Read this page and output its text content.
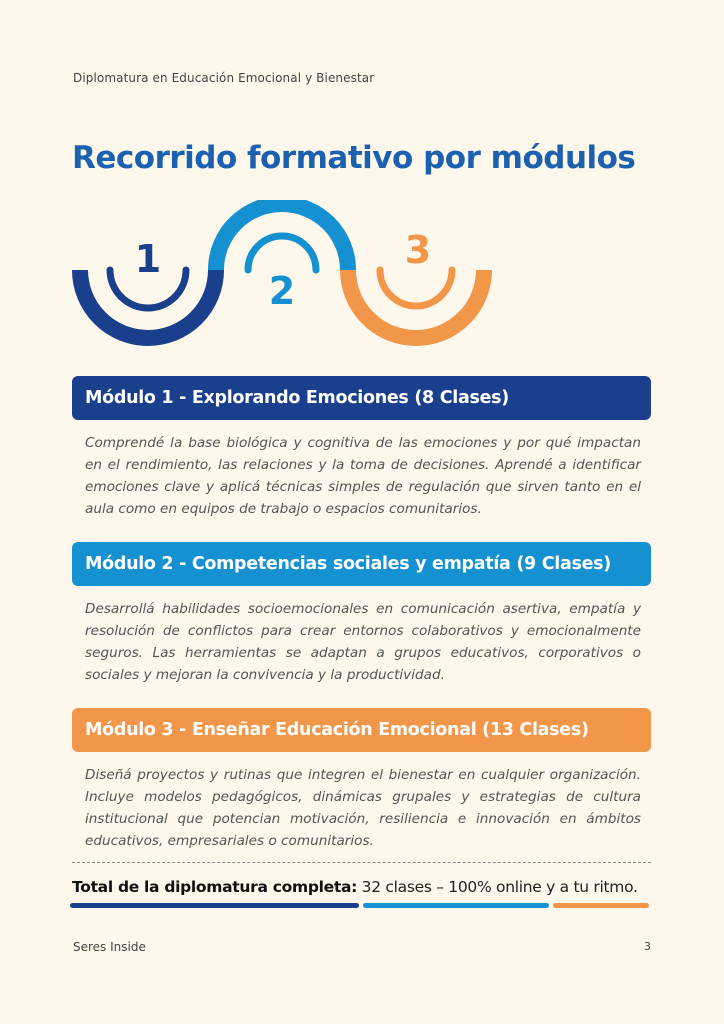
Diplomatura en Educación Emocional y Bienestar
Recorrido formativo por módulos
1
2
3
Módulo 1 - Explorando Emociones (8 Clases)

Comprendé la base biológica y cognitiva de las emociones y por qué impactan en el rendimiento, las relaciones y la toma de decisiones. Aprendé a identificar emociones clave y aplicá técnicas simples de regulación que sirven tanto en el aula como en equipos de trabajo o espacios comunitarios.

Módulo 2 - Competencias sociales y empatía (9 Clases)

Desarrollá habilidades socioemocionales en comunicación asertiva, empatía y resolución de conflictos para crear entornos colaborativos y emocionalmente seguros. Las herramientas se adaptan a grupos educativos, corporativos o sociales y mejoran la convivencia y la productividad.

Módulo 3 - Enseñar Educación Emocional (13 Clases)

Diseñá proyectos y rutinas que integren el bienestar en cualquier organización. Incluye modelos pedagógicos, dinámicas grupales y estrategias de cultura institucional que potencian motivación, resiliencia e innovación en ámbitos educativos, empresariales o comunitarios.

Total de la diplomatura completa: 32 clases – 100% online y a tu ritmo.
Seres Inside	3
